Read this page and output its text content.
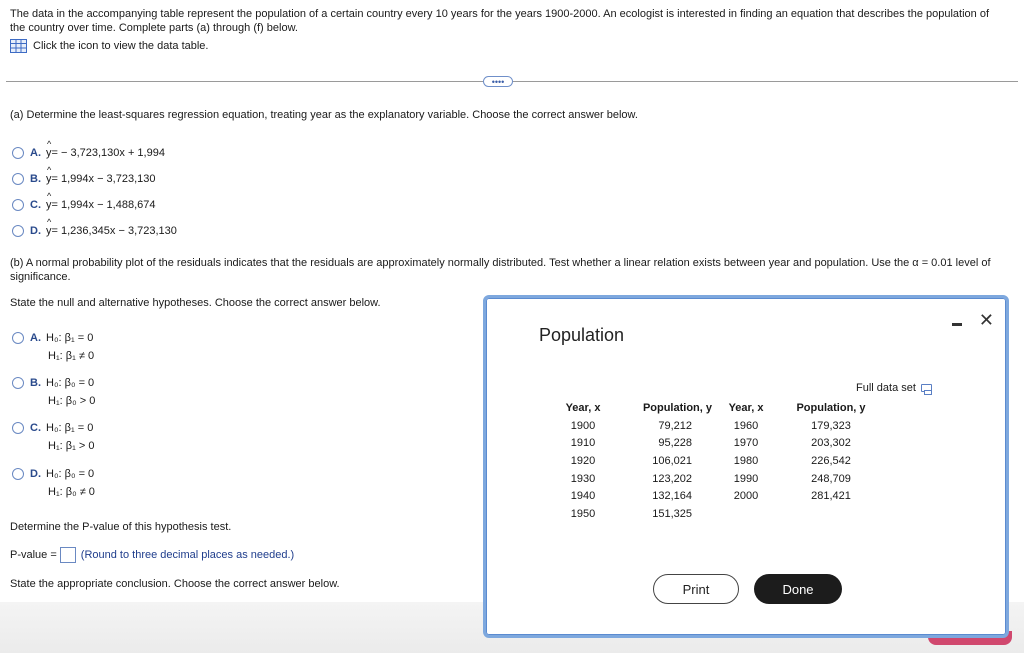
The data in the accompanying table represent the population of a certain country every 10 years for the years 1900-2000. An ecologist is interested in finding an equation that describes the population of the country over time. Complete parts (a) through (f) below.
Click the icon to view the data table.
••••
(a) Determine the least-squares regression equation, treating year as the explanatory variable. Choose the correct answer below.
A. ^ y = − 3,723,130x + 1,994
B. ^ y = 1,994x − 3,723,130
C. ^ y = 1,994x − 1,488,674
D. ^ y = 1,236,345x − 3,723,130
(b) A normal probability plot of the residuals indicates that the residuals are approximately normally distributed. Test whether a linear relation exists between year and population. Use the α = 0.01 level of significance.
State the null and alternative hypotheses. Choose the correct answer below.
A. H₀: β₁ = 0
H₁: β₁ ≠ 0
B. H₀: β₀ = 0
H₁: β₀ > 0
C. H₀: β₁ = 0
H₁: β₁ > 0
D. H₀: β₀ = 0
H₁: β₀ ≠ 0
Determine the P-value of this hypothesis test.
P-value = (Round to three decimal places as needed.)
State the appropriate conclusion. Choose the correct answer below.
✕
Population
Full data set
Year, x	Population, y	Year, x	Population, y
1900	79,212	1960	179,323
1910	95,228	1970	203,302
1920	106,021	1980	226,542
1930	123,202	1990	248,709
1940	132,164	2000	281,421
1950	151,325		
Print	Done
